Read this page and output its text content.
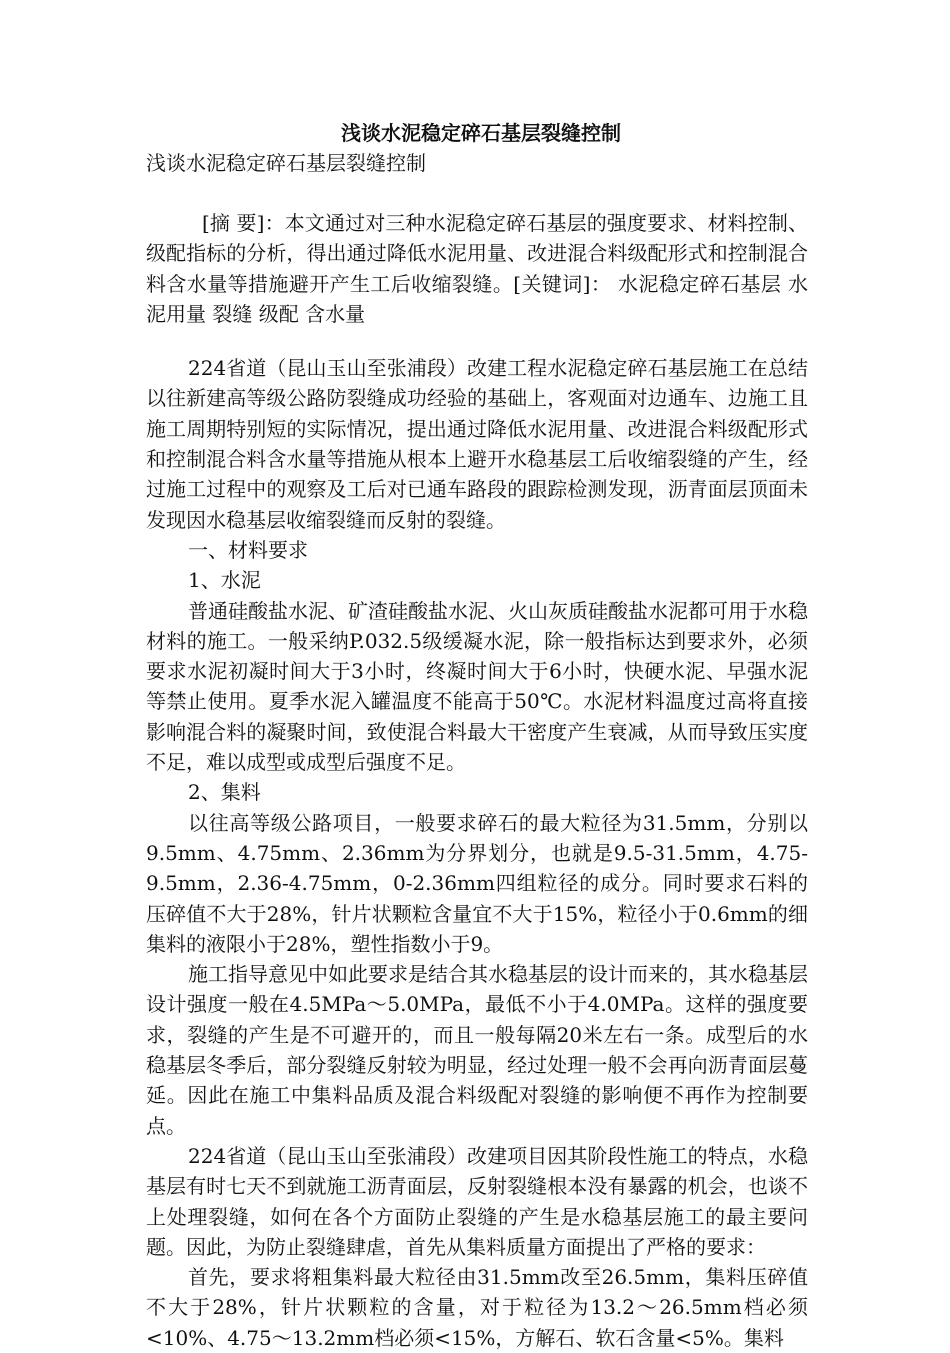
浅谈水泥稳定碎石基层裂缝控制

浅谈水泥稳定碎石基层裂缝控制

[摘 要]：本文通过对三种水泥稳定碎石基层的强度要求、材料控制、级配指标的分析，得出通过降低水泥用量、改进混合料级配形式和控制混合料含水量等措施避开产生工后收缩裂缝。[关键词]： 水泥稳定碎石基层 水泥用量 裂缝 级配 含水量

224省道（昆山玉山至张浦段）改建工程水泥稳定碎石基层施工在总结以往新建高等级公路防裂缝成功经验的基础上，客观面对边通车、边施工且施工周期特别短的实际情况，提出通过降低水泥用量、改进混合料级配形式和控制混合料含水量等措施从根本上避开水稳基层工后收缩裂缝的产生，经过施工过程中的观察及工后对已通车路段的跟踪检测发现，沥青面层顶面未发现因水稳基层收缩裂缝而反射的裂缝。

一、材料要求

1、水泥

普通硅酸盐水泥、矿渣硅酸盐水泥、火山灰质硅酸盐水泥都可用于水稳材料的施工。一般采纳P.032.5级缓凝水泥，除一般指标达到要求外，必须要求水泥初凝时间大于3小时，终凝时间大于6小时，快硬水泥、早强水泥等禁止使用。夏季水泥入罐温度不能高于50℃。水泥材料温度过高将直接影响混合料的凝聚时间，致使混合料最大干密度产生衰减，从而导致压实度不足，难以成型或成型后强度不足。

2、集料

以往高等级公路项目，一般要求碎石的最大粒径为31.5mm，分别以9.5mm、4.75mm、2.36mm为分界划分，也就是9.5-31.5mm，4.75-9.5mm，2.36-4.75mm，0-2.36mm四组粒径的成分。同时要求石料的压碎值不大于28%，针片状颗粒含量宜不大于15%，粒径小于0.6mm的细集料的液限小于28%，塑性指数小于9。

施工指导意见中如此要求是结合其水稳基层的设计而来的，其水稳基层设计强度一般在4.5MPa～5.0MPa，最低不小于4.0MPa。这样的强度要求，裂缝的产生是不可避开的，而且一般每隔20米左右一条。成型后的水稳基层冬季后，部分裂缝反射较为明显，经过处理一般不会再向沥青面层蔓延。因此在施工中集料品质及混合料级配对裂缝的影响便不再作为控制要点。

224省道（昆山玉山至张浦段）改建项目因其阶段性施工的特点，水稳基层有时七天不到就施工沥青面层，反射裂缝根本没有暴露的机会，也谈不上处理裂缝，如何在各个方面防止裂缝的产生是水稳基层施工的最主要问题。因此，为防止裂缝肆虐，首先从集料质量方面提出了严格的要求：

首先，要求将粗集料最大粒径由31.5mm改至26.5mm，集料压碎值不大于28%，针片状颗粒的含量，对于粒径为13.2～26.5mm档必须<10%、4.75～13.2mm档必须<15%，方解石、软石含量<5%。集料
